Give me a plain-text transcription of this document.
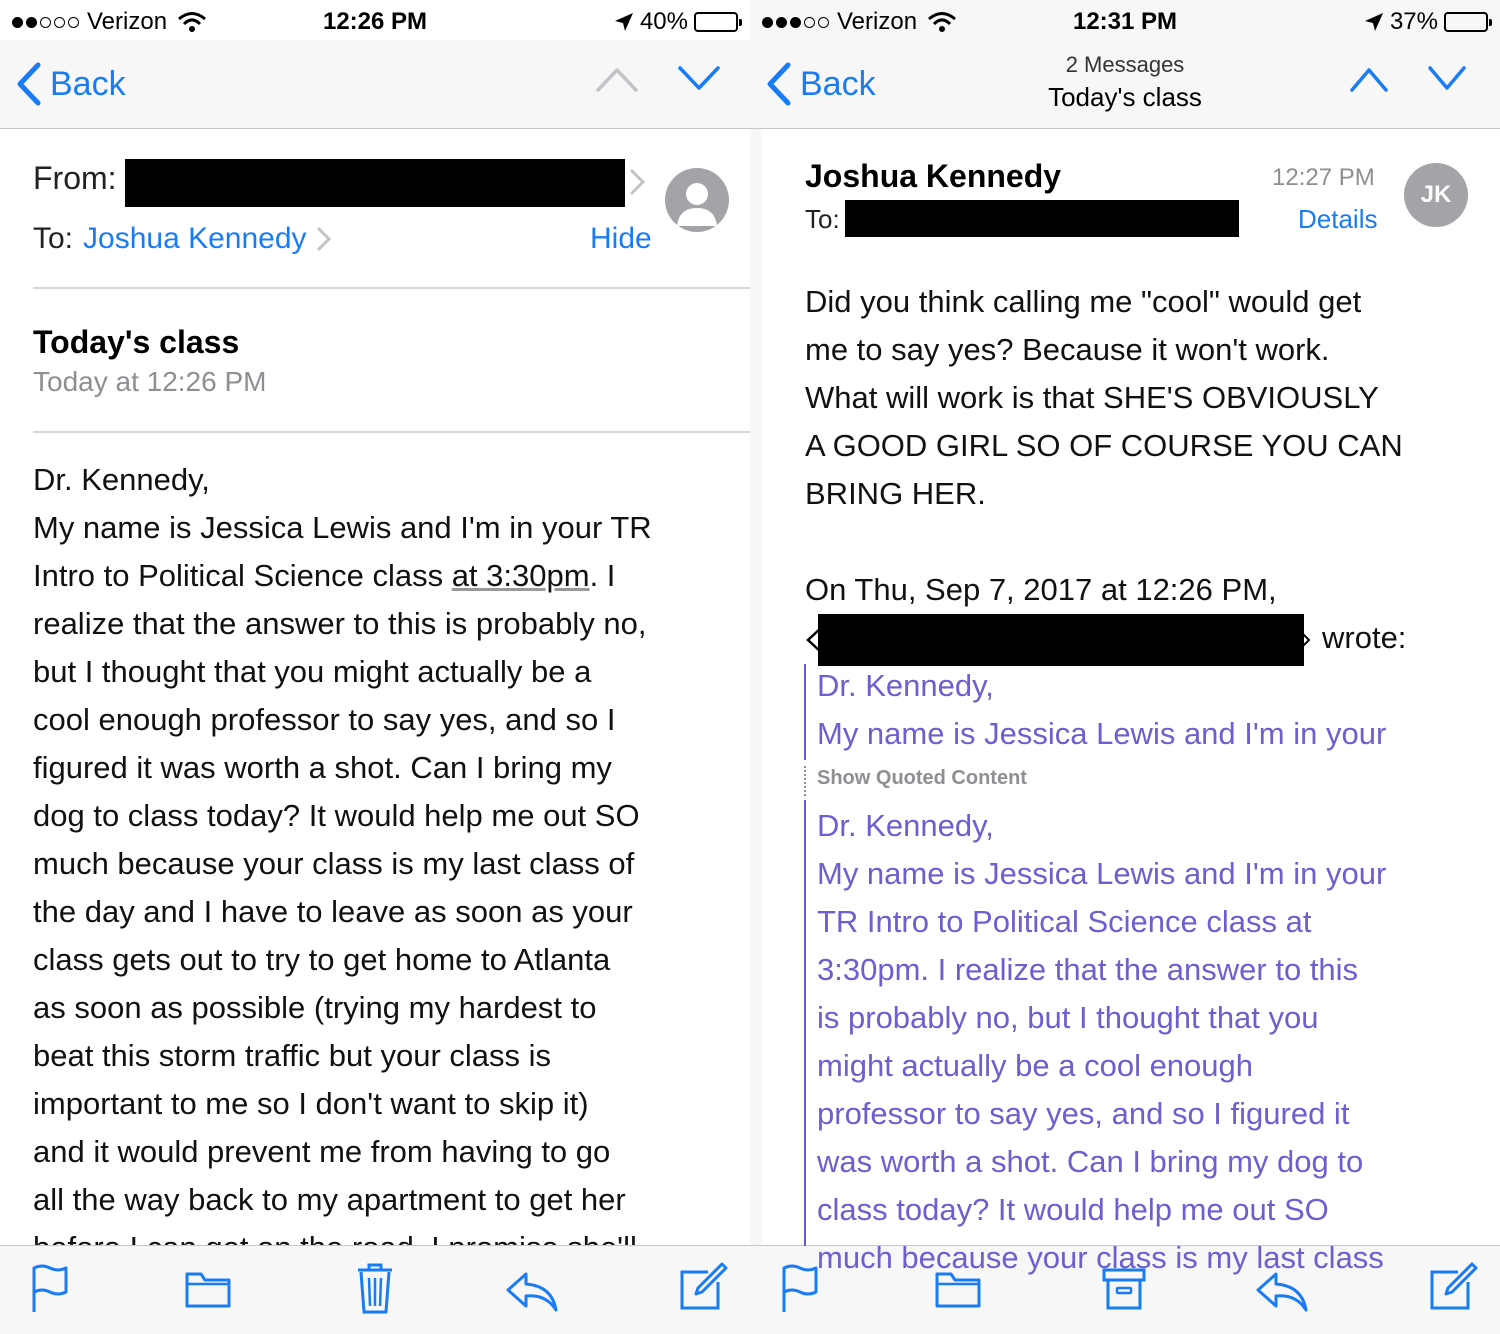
Verizon	12:26 PM	40%
Back
From:
To: Joshua Kennedy	Hide
Today's class
Today at 12:26 PM
Dr. Kennedy,
My name is Jessica Lewis and I'm in your TR
Intro to Political Science class at 3:30pm. I
realize that the answer to this is probably no,
but I thought that you might actually be a
cool enough professor to say yes, and so I
figured it was worth a shot. Can I bring my
dog to class today? It would help me out SO
much because your class is my last class of
the day and I have to leave as soon as your
class gets out to try to get home to Atlanta
as soon as possible (trying my hardest to
beat this storm traffic but your class is
important to me so I don't want to skip it)
and it would prevent me from having to go
all the way back to my apartment to get her

Verizon	12:31 PM	37%
Back	2 Messages
Today's class
Joshua Kennedy
To:
12:27 PM
Details
JK
Did you think calling me "cool" would get
me to say yes? Because it won't work.
What will work is that SHE'S OBVIOUSLY
A GOOD GIRL SO OF COURSE YOU CAN
BRING HER.
On Thu, Sep 7, 2017 at 12:26 PM,
wrote:
Dr. Kennedy,
My name is Jessica Lewis and I'm in your
Show Quoted Content
Dr. Kennedy,
My name is Jessica Lewis and I'm in your
TR Intro to Political Science class at
3:30pm. I realize that the answer to this
is probably no, but I thought that you
might actually be a cool enough
professor to say yes, and so I figured it
was worth a shot. Can I bring my dog to
class today? It would help me out SO
much because your class is my last class
